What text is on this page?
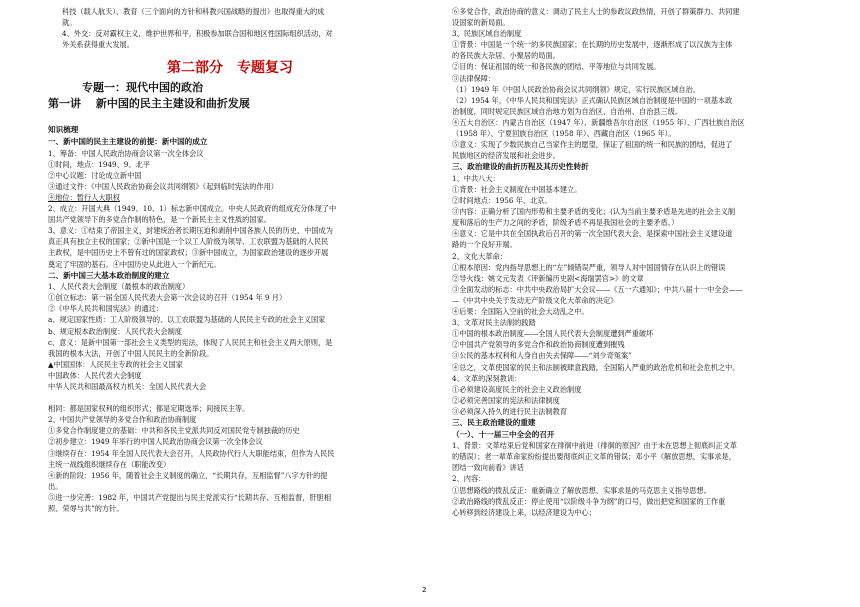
科技（载人航天）、教育（三个面向的方针和科教兴国战略的提出）也取得重大的成
就。
4、外交：反对霸权主义，维护世界和平，积极参加联合国和地区性国际组织活动，对
外关系获得重大发展。
第二部分 专题复习
专题一：现代中国的政治
第一讲　 新中国的民主主建设和曲折发展
知识梳理
一、新中国的民主主建设的前提：新中国的成立
1、筹备：中国人民政治协商会议第一次全体会议
①时间，地点：1949、9、北平
②中心议题：讨论成立新中国
③通过文件：《中国人民政治协商会议共同纲领》（起到临时宪法的作用）
④地位：暂行人大职权
2、成立：开国大典（1949、10、1）标志新中国成立。中央人民政府的组成充分体现了中
国共产党领导下的多党合作制的特色，是一个新民主主义性质的国家。
3、意义：①结束了帝国主义，封建统治者长期压迫和剥削中国各族人民的历史，中国成为
真正具有独立主权的国家；②新中国是一个以工人阶级为领导、工农联盟为基础的人民民
主政权，是中国历史上不曾有过的国家政权；③新中国成立，为国家政治建设的逐步开展
奠定了牢固的基石。④中国历史从此进入一个新纪元。
二、新中国三大基本政治制度的建立
1、人民代表大会制度（最根本的政治制度）
①创立标志：第一届全国人民代表大会第一次会议的召开（1954 年 9 月）
②《中华人民共和国宪法》的通过：
a、规定国家性质：工人阶级领导的、以工农联盟为基础的人民民主专政的社会主义国家
b、规定根本政治制度：人民代表大会制度
c、意义：是新中国第一部社会主义类型的宪法，体现了人民民主和社会主义两大原则，是
我国的根本大法，开创了中国人民民主的全新阶段。
▲中国国体：人民民主专政的社会主义国家
中国政体：人民代表大会制度
中华人民共和国最高权力机关：全国人民代表大会
相同：都是国家权利的组织形式；都是定期选举；间接民主等。
2、中国共产党领导的多党合作和政治协商制度
①多党合作制度建立的基础：中共和各民主党派共同反对国民党专制独裁的历史
②初步建立：1949 年举行的中国人民政治协商会议第一次全体会议
③继续存在：1954 年全国人民代表大会召开，人民政协代行人大职能结束，但作为人民民
主统一战线组织继续存在（职能改变）
④新的阶段：1956 年，随着社会主义制度的确立，“长期共存，互相监督”八字方针的提
出。
⑤进一步完善：1982 年，中国共产党提出与民主党派实行“长期共存、互相监督，肝胆相
照、荣辱与共”的方针。
⑥多党合作，政治协商的意义：调动了民主人士的参政议政热情，开创了群策群力、共同建
设国家的新局面。
3、民族区域自治制度
①背景：中国是一个统一的多民族国家；在长期的历史发展中，逐渐形成了以汉族为主体
的各民族大杂居、小聚居的局面。
②目的：保证祖国的统一和各民族的团结、平等地位与共同发展。
③法律保障：
（1）1949 年《中国人民政治协商会议共同纲领》规定，实行民族区域自治。
（2）1954 年，《中华人民共和国宪法》正式确认民族区域自治制度是中国的一项基本政
治制度，同时规定民族区域自治地方划为自治区、自治州、自治县三级。
④五大自治区：内蒙古自治区（1947 年）、新疆维吾尔自治区（1955 年）、广西壮族自治区
（1958 年）、宁夏回族自治区（1958 年）、西藏自治区（1965 年）。
⑤意义：实现了少数民族自己当家作主的愿望，保证了祖国的统一和民族的团结，促进了
民族地区的经济发展和社会进步。
三、政治建设的曲折历程及其历史性转折
1、中共八大：
①背景：社会主义制度在中国基本建立。
②时间地点：1956 年、北京。
③内容：正确分析了国内形势和主要矛盾的变化；(认为当前主要矛盾是先进的社会主义制
度和落后的生产力之间的矛盾，阶级矛盾不再是我国社会的主要矛盾。）
④意义：它是中共在全国执政后召开的第一次全国代表大会，是探索中国社会主义建设道
路的一个良好开端。
2、文化大革命：
①根本原因：党内指导思想上的“左”倾错误严重，领导人对中国国情存在认识上的错误
②导火线：姚文元发表《评新编历史剧<海瑞罢官>》的文章
③全面发动的标志：中共中央政治局扩大会议——《五一六通知》；中共八届十一中全会——
—《中共中央关于发动无产阶级文化大革命的决定》
④后果：全国陷入空前的社会大动乱之中。
3、文革对民主法制的践踏
①中国的根本政治制度——全国人民代表大会制度遭到严重破坏
②中国共产党领导的多党合作和政治协商制度遭到摧残
③公民的基本权利和人身自由失去保障——“刘少奇冤案”
④总之，文革使国家的民主和法制被肆意践踏，全国陷入严重的政治危机和社会危机之中。
4、文革的深刻教训：
①必须建设高度民主的社会主义政治制度
②必须完善国家的宪法和法律制度
③必须深入持久的进行民主法制教育
三、民主政治建设的重建
（一）、十一届三中全会的召开
1、背景：文革结束后党和国家在徘徊中前进（徘徊的原因？由于未在思想上彻底纠正文革
的错误）；老一辈革命家纷纷提出要彻底纠正文革的错误；邓小平《解放思想，实事求是，
团结一致向前看》讲话
2、内容：
①思想路线的拨乱反正：重新确立了解放思想、实事求是的马克思主义指导思想。
②政治路线的拨乱反正：停止使用“以阶级斗争为纲”的口号，做出把党和国家的工作重
心转移到经济建设上来，以经济建设为中心；
2
